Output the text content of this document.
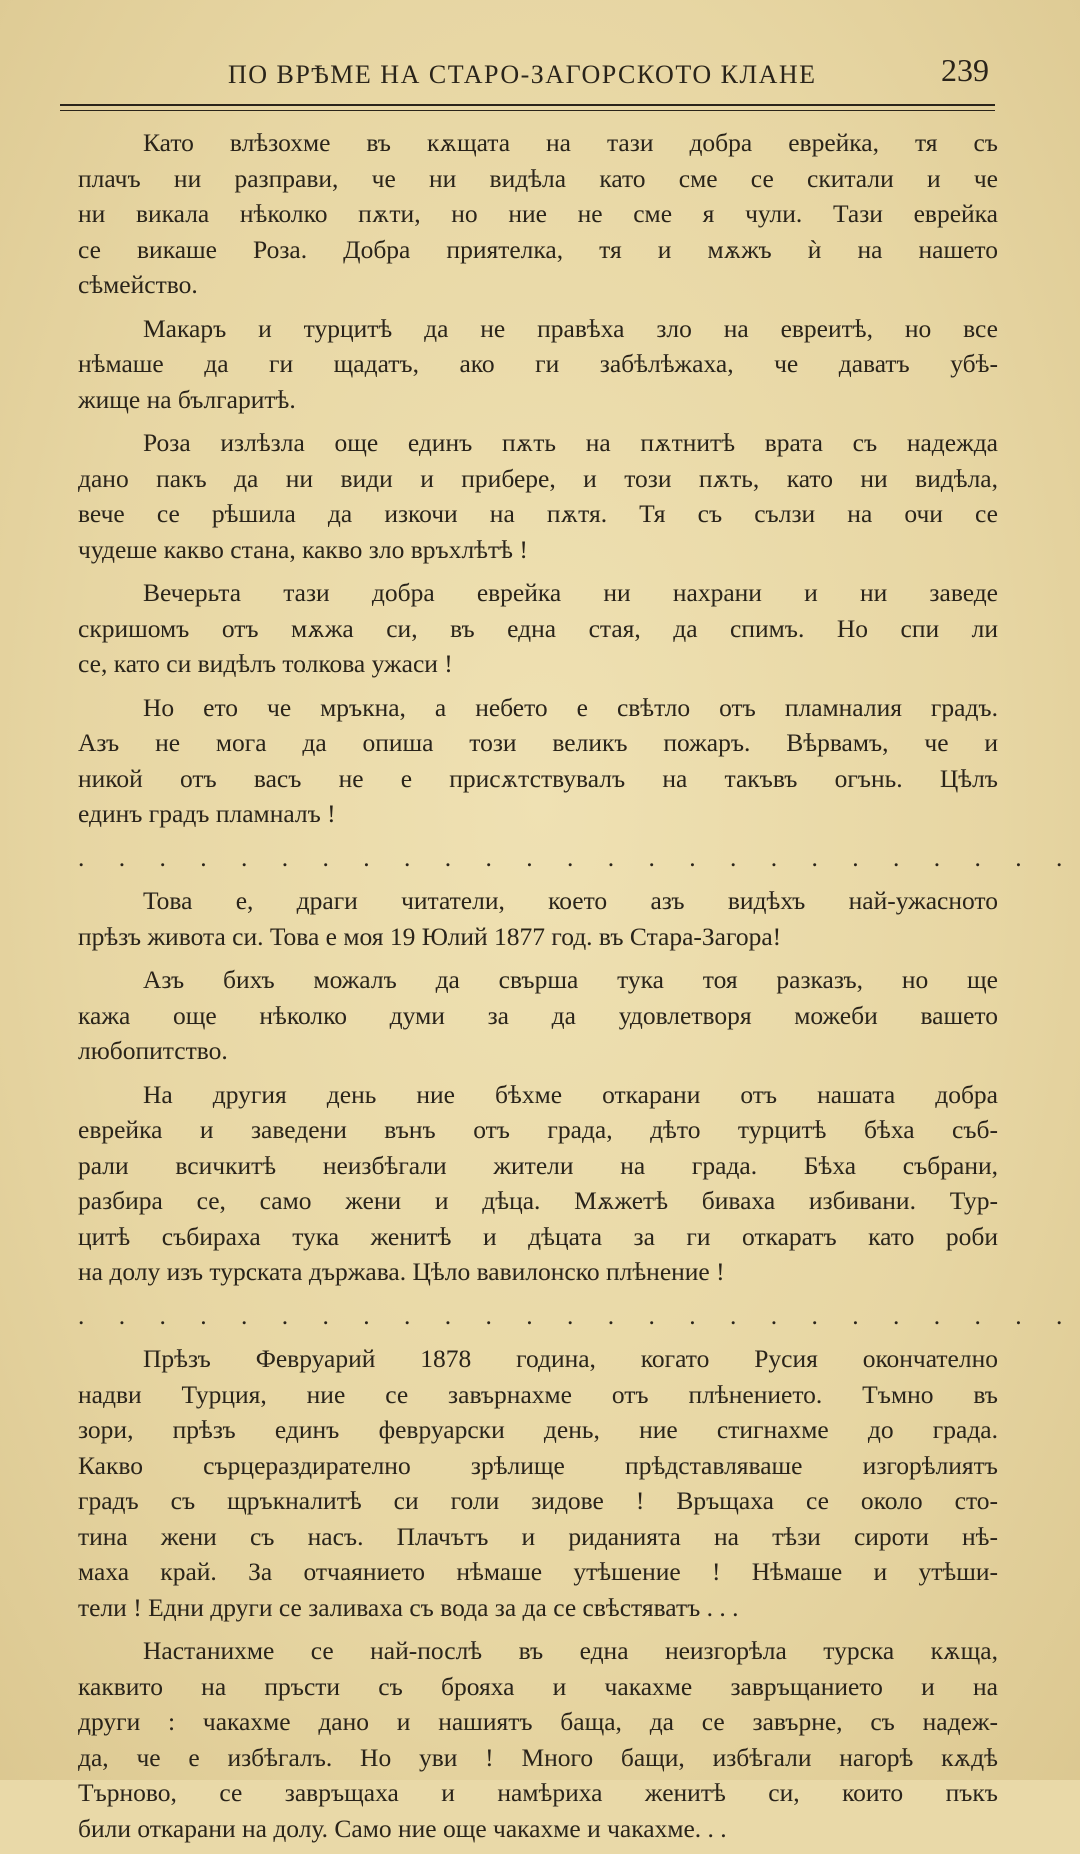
ПО ВРѢМЕ НА СТАРО-ЗАГОРСКОТО КЛАНЕ	239

Като влѣзохме въ кѫщата на тази добра еврейка, тя съ
плачъ ни разправи, че ни видѣла като сме се скитали и че
ни викала нѣколко пѫти, но ние не сме я чули. Тази еврейка
се викаше Роза. Добра приятелка, тя и мѫжъ ѝ на нашето
сѣмейство.

Макаръ и турцитѣ да не правѣха зло на евреитѣ, но все
нѣмаше да ги щадатъ, ако ги забѣлѣжаха, че даватъ убѣ-
жище на българитѣ.

Роза излѣзла още единъ пѫть на пѫтнитѣ врата съ надежда
дано пакъ да ни види и прибере, и този пѫть, като ни видѣла,
вече се рѣшила да изкочи на пѫтя. Тя съ сълзи на очи се
чудеше какво стана, какво зло връхлѣтѣ !

Вечерьта тази добра еврейка ни нахрани и ни заведе
скришомъ отъ мѫжа си, въ една стая, да спимъ. Но спи ли
се, като си видѣлъ толкова ужаси !

Но ето че мръкна, а небето е свѣтло отъ пламналия градъ.
Азъ не мога да опиша този великъ пожаръ. Вѣрвамъ, че и
никой отъ васъ не е присѫтствувалъ на такъвъ огънь. Цѣлъ
единъ градъ пламналъ !

. . . . . . . . . . . . . . . . . . . . . . . . .

Това е, драги читатели, което азъ видѣхъ най-ужасното
прѣзъ живота си. Това е моя 19 Юлий 1877 год. въ Стара-Загора!

Азъ бихъ можалъ да свърша тука тоя разказъ, но ще
кажа още нѣколко думи за да удовлетворя можеби вашето
любопитство.

На другия день ние бѣхме откарани отъ нашата добра
еврейка и заведени вънъ отъ града, дѣто турцитѣ бѣха съб-
рали всичкитѣ неизбѣгали жители на града. Бѣха събрани,
разбира се, само жени и дѣца. Мѫжетѣ биваха избивани. Тур-
цитѣ събираха тука женитѣ и дѣцата за ги откаратъ като роби
на долу изъ турската държава. Цѣло вавилонско плѣнение !

. . . . . . . . . . . . . . . . . . . . . . . . .

Прѣзъ Февруарий 1878 година, когато Русия окончателно
надви Турция, ние се завърнахме отъ плѣнението. Тъмно въ
зори, прѣзъ единъ февруарски день, ние стигнахме до града.
Какво сърцераздирателно зрѣлище прѣдставляваше изгорѣлиятъ
градъ съ щръкналитѣ си голи зидове ! Връщаха се около сто-
тина жени съ насъ. Плачътъ и риданията на тѣзи сироти нѣ-
маха край. За отчаянието нѣмаше утѣшение ! Нѣмаше и утѣши-
тели ! Едни други се заливаха съ вода за да се свѣстяватъ . . .

Настанихме се най-послѣ въ една неизгорѣла турска кѫща,
каквито на пръсти съ брояха и чакахме завръщанието и на
други : чакахме дано и нашиятъ баща, да се завърне, съ надеж-
да, че е избѣгалъ. Но уви ! Много бащи, избѣгали нагорѣ кѫдѣ
Търново, се завръщаха и намѣриха женитѣ си, които пъкъ
били откарани на долу. Само ние още чакахме и чакахме. . .
